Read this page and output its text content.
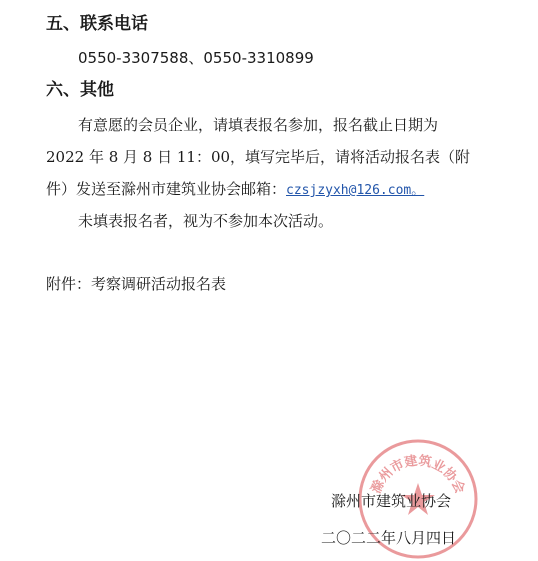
五、联系电话
0550-3307588、0550-3310899
六、其他
有意愿的会员企业，请填表报名参加，报名截止日期为
2022 年 8 月 8 日 11：00，填写完毕后，请将活动报名表（附
件）发送至滁州市建筑业协会邮箱：czsjzyxh@126.com。
未填表报名者，视为不参加本次活动。
附件：考察调研活动报名表
滁州市建筑业协会
滁州市建筑业协会
二〇二二年八月四日
